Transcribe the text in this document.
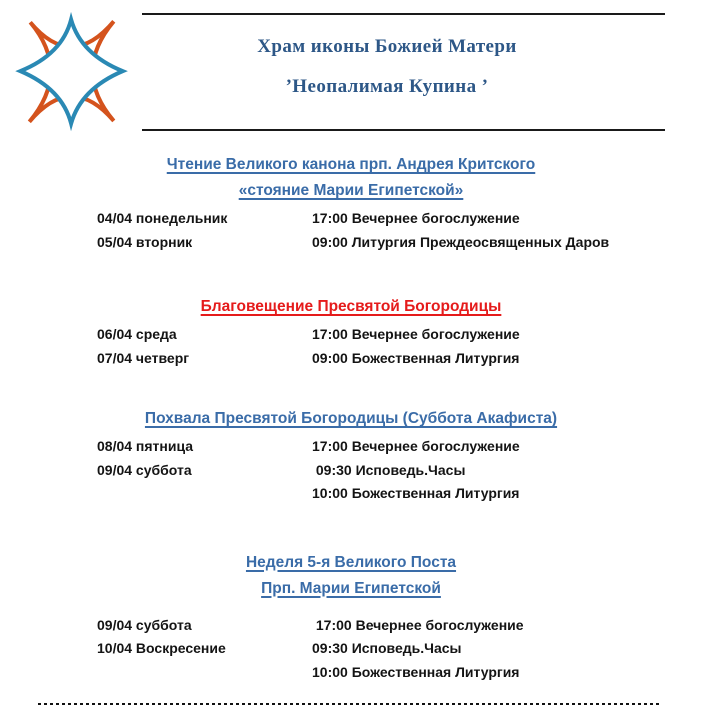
Храм иконы Божией Матери
’Неопалимая Купина ’
Чтение Великого канона прп. Андрея Критского
«стояние Марии Египетской»
04/04 понедельник	17:00 Вечернее богослужение
05/04 вторник	09:00 Литургия Преждеосвященных Даров
Благовещение Пресвятой Богородицы
06/04 среда	17:00 Вечернее богослужение
07/04 четверг	09:00 Божественная Литургия
Похвала Пресвятой Богородицы (Суббота Акафиста)
08/04 пятница	17:00 Вечернее богослужение
09/04 суббота	09:30 Исповедь.Часы
10:00 Божественная Литургия
Неделя 5-я Великого Поста
Прп. Марии Египетской
09/04 суббота	17:00 Вечернее богослужение
10/04 Воскресение	09:30 Исповедь.Часы
10:00 Божественная Литургия
